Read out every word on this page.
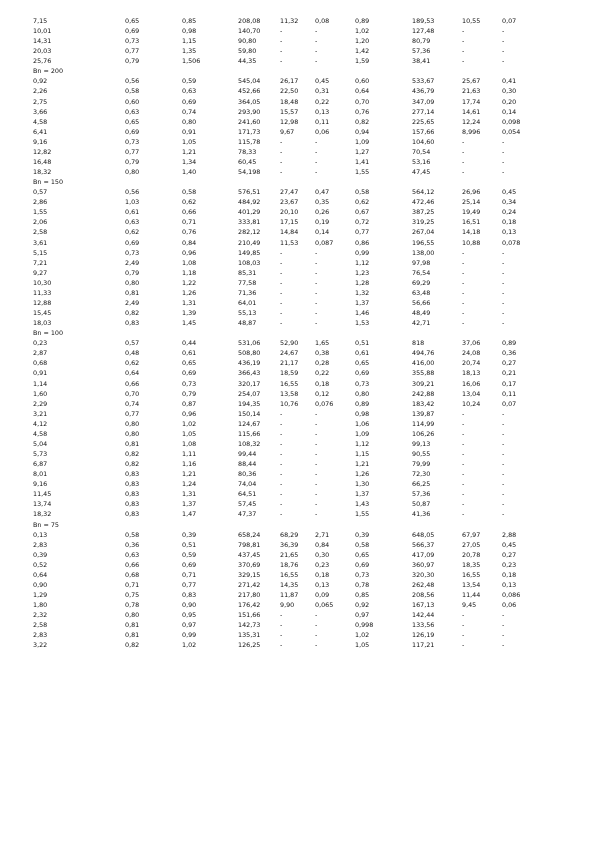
7,15	0,65	0,85	208,08	11,32	0,08	0,89	189,53	10,55	0,07
10,01	0,69	0,98	140,70	-	-	1,02	127,48	-	-
14,31	0,73	1,15	90,80	-	-	1,20	80,79	-	-
20,03	0,77	1,35	59,80	-	-	1,42	57,36	-	-
25,76	0,79	1,506	44,35	-	-	1,59	38,41	-	-
Bn = 200
0,92	0,56	0,59	545,04	26,17	0,45	0,60	533,67	25,67	0,41
2,26	0,58	0,63	452,66	22,50	0,31	0,64	436,79	21,63	0,30
2,75	0,60	0,69	364,05	18,48	0,22	0,70	347,09	17,74	0,20
3,66	0,63	0,74	293,90	15,57	0,13	0,76	277,14	14,61	0,14
4,58	0,65	0,80	241,60	12,98	0,11	0,82	225,65	12,24	0,098
6,41	0,69	0,91	171,73	9,67	0,06	0,94	157,66	8,996	0,054
9,16	0,73	1,05	115,78	-	-	1,09	104,60	-	-
12,82	0,77	1,21	78,33	-	-	1,27	70,54	-	-
16,48	0,79	1,34	60,45	-	-	1,41	53,16	-	-
18,32	0,80	1,40	54,198	-	-	1,55	47,45	-	-
Bn = 150
0,57	0,56	0,58	576,51	27,47	0,47	0,58	564,12	26,96	0,45
2,86	1,03	0,62	484,92	23,67	0,35	0,62	472,46	25,14	0,34
1,55	0,61	0,66	401,29	20,10	0,26	0,67	387,25	19,49	0,24
2,06	0,63	0,71	333,81	17,15	0,19	0,72	319,25	16,51	0,18
2,58	0,62	0,76	282,12	14,84	0,14	0,77	267,04	14,18	0,13
3,61	0,69	0,84	210,49	11,53	0,087	0,86	196,55	10,88	0,078
5,15	0,73	0,96	149,85	-	-	0,99	138,00	-	-
7,21	2,49	1,08	108,03	-	-	1,12	97,98	-	-
9,27	0,79	1,18	85,31	-	-	1,23	76,54	-	-
10,30	0,80	1,22	77,58	-	-	1,28	69,29	-	-
11,33	0,81	1,26	71,36	-	-	1,32	63,48	-	-
12,88	2,49	1,31	64,01	-	-	1,37	56,66	-	-
15,45	0,82	1,39	55,13	-	-	1,46	48,49	-	-
18,03	0,83	1,45	48,87	-	-	1,53	42,71	-	-
Bn = 100
0,23	0,57	0,44	531,06	52,90	1,65	0,51	818	37,06	0,89
2,87	0,48	0,61	508,80	24,67	0,38	0,61	494,76	24,08	0,36
0,68	0,62	0,65	436,19	21,17	0,28	0,65	416,00	20,74	0,27
0,91	0,64	0,69	366,43	18,59	0,22	0,69	355,88	18,13	0,21
1,14	0,66	0,73	320,17	16,55	0,18	0,73	309,21	16,06	0,17
1,60	0,70	0,79	254,07	13,58	0,12	0,80	242,88	13,04	0,11
2,29	0,74	0,87	194,35	10,76	0,076	0,89	183,42	10,24	0,07
3,21	0,77	0,96	150,14	-	-	0,98	139,87	-	-
4,12	0,80	1,02	124,67	-	-	1,06	114,99	-	-
4,58	0,80	1,05	115,66	-	-	1,09	106,26	-	-
5,04	0,81	1,08	108,32	-	-	1,12	99,13	-	-
5,73	0,82	1,11	99,44	-	-	1,15	90,55	-	-
6,87	0,82	1,16	88,44	-	-	1,21	79,99	-	-
8,01	0,83	1,21	80,36	-	-	1,26	72,30	-	-
9,16	0,83	1,24	74,04	-	-	1,30	66,25	-	-
11,45	0,83	1,31	64,51	-	-	1,37	57,36	-	-
13,74	0,83	1,37	57,45	-	-	1,43	50,87	-	-
18,32	0,83	1,47	47,37	-	-	1,55	41,36	-	-
Bn = 75
0,13	0,58	0,39	658,24	68,29	2,71	0,39	648,05	67,97	2,88
2,83	0,36	0,51	798,81	36,39	0,84	0,58	566,37	27,05	0,45
0,39	0,63	0,59	437,45	21,65	0,30	0,65	417,09	20,78	0,27
0,52	0,66	0,69	370,69	18,76	0,23	0,69	360,97	18,35	0,23
0,64	0,68	0,71	329,15	16,55	0,18	0,73	320,30	16,55	0,18
0,90	0,71	0,77	271,42	14,35	0,13	0,78	262,48	13,54	0,13
1,29	0,75	0,83	217,80	11,87	0,09	0,85	208,56	11,44	0,086
1,80	0,78	0,90	176,42	9,90	0,065	0,92	167,13	9,45	0,06
2,32	0,80	0,95	151,66	-	-	0,97	142,44	-	-
2,58	0,81	0,97	142,73	-	-	0,998	133,56	-	-
2,83	0,81	0,99	135,31	-	-	1,02	126,19	-	-
3,22	0,82	1,02	126,25	-	-	1,05	117,21	-	-
